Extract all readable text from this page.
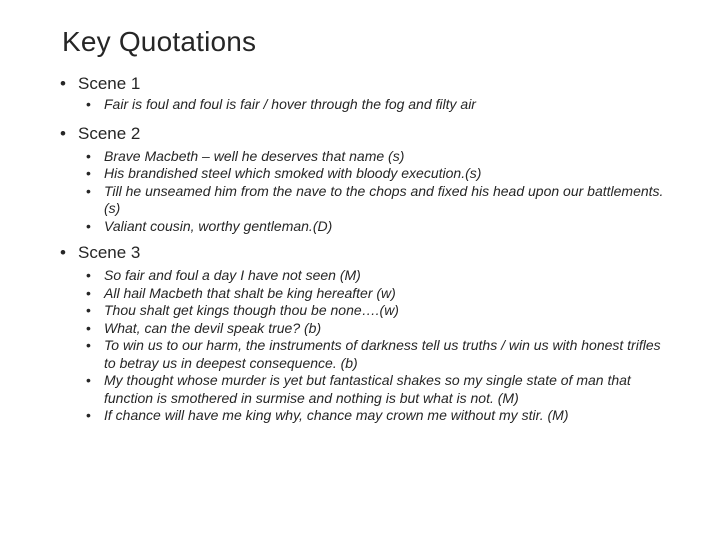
Key Quotations
• Scene 1
• Fair is foul and foul is fair / hover through the fog and filty air
• Scene 2
• Brave Macbeth – well he deserves that name (s)
• His brandished steel which smoked with bloody execution.(s)
• Till he unseamed him from the nave to the chops and fixed his head upon our battlements.(s)
• Valiant cousin, worthy gentleman.(D)
• Scene 3
• So fair and foul a day I have not seen (M)
• All hail Macbeth that shalt be king hereafter (w)
• Thou shalt get kings though thou be none….(w)
• What, can the devil speak true? (b)
• To win us to our harm, the instruments of darkness tell us truths / win us with honest trifles to betray us in deepest consequence. (b)
• My thought whose murder is yet but fantastical shakes so my single state of man that function is smothered in surmise and nothing is but what is not. (M)
• If chance will have me king why, chance may crown me without my stir. (M)
